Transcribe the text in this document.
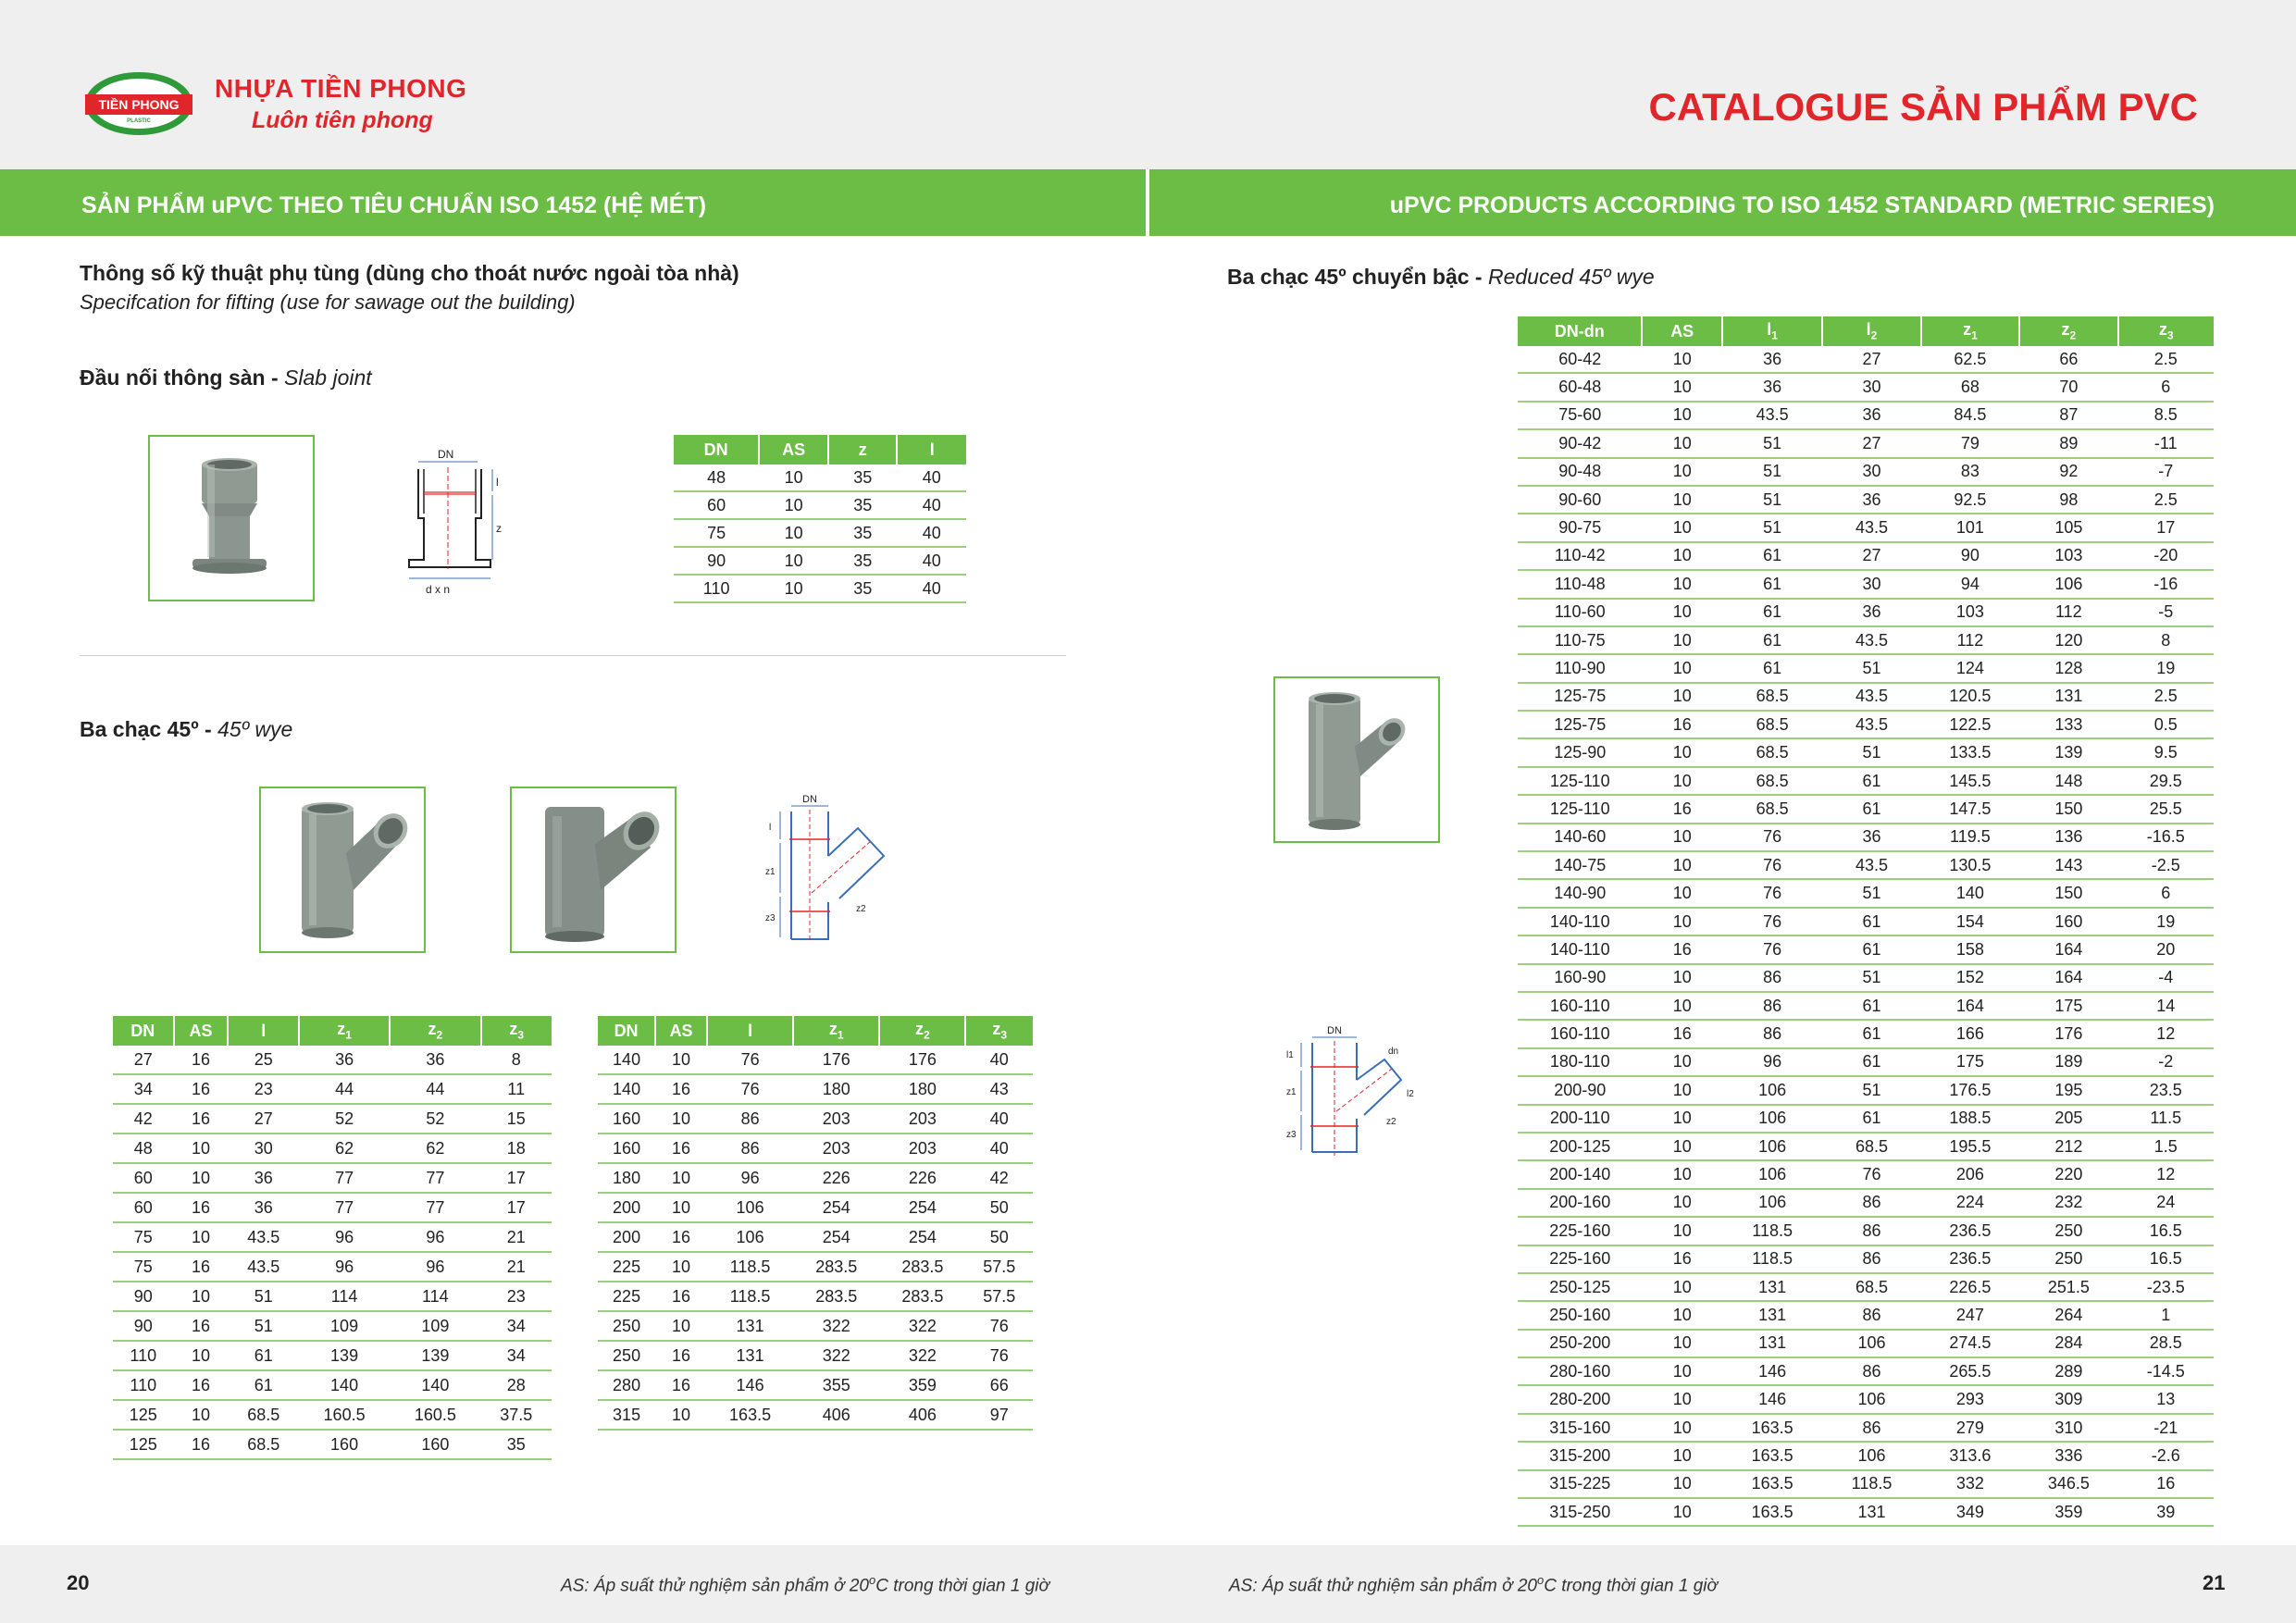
TIỀN PHONG
PLASTIC
NHỰA TIỀN PHONG
Luôn tiên phong	CATALOGUE SẢN PHẨM PVC
SẢN PHẨM uPVC THEO TIÊU CHUẨN ISO 1452 (HỆ MÉT)	uPVC PRODUCTS ACCORDING TO ISO 1452 STANDARD (METRIC SERIES)
Thông số kỹ thuật phụ tùng (dùng cho thoát nước ngoài tòa nhà)
Specifcation for fifting (use for sawage out the building)
Đầu nối thông sàn - Slab joint
DN
l
z
d x n
DN	AS	z	l
48	10	35	40
60	10	35	40
75	10	35	40
90	10	35	40
110	10	35	40
Ba chạc 45º - 45º wye
DN
l
z1
z3
z2
DN	AS	l	$z_1$	$z_2$	$z_3$
27	16	25	36	36	8
34	16	23	44	44	11
42	16	27	52	52	15
48	10	30	62	62	18
60	10	36	77	77	17
60	16	36	77	77	17
75	10	43.5	96	96	21
75	16	43.5	96	96	21
90	10	51	114	114	23
90	16	51	109	109	34
110	10	61	139	139	34
110	16	61	140	140	28
125	10	68.5	160.5	160.5	37.5
125	16	68.5	160	160	35
DN	AS	l	$z_1$	$z_2$	$z_3$
140	10	76	176	176	40
140	16	76	180	180	43
160	10	86	203	203	40
160	16	86	203	203	40
180	10	96	226	226	42
200	10	106	254	254	50
200	16	106	254	254	50
225	10	118.5	283.5	283.5	57.5
225	16	118.5	283.5	283.5	57.5
250	10	131	322	322	76
250	16	131	322	322	76
280	16	146	355	359	66
315	10	163.5	406	406	97
Ba chạc 45º chuyển bậc - Reduced 45º wye
DN
l1
z1
z3
dn
l2
z2
DN-dn	AS	$l_1$	$l_2$	$z_1$	$z_2$	$z_3$
60-42	10	36	27	62.5	66	2.5
60-48	10	36	30	68	70	6
75-60	10	43.5	36	84.5	87	8.5
90-42	10	51	27	79	89	-11
90-48	10	51	30	83	92	-7
90-60	10	51	36	92.5	98	2.5
90-75	10	51	43.5	101	105	17
110-42	10	61	27	90	103	-20
110-48	10	61	30	94	106	-16
110-60	10	61	36	103	112	-5
110-75	10	61	43.5	112	120	8
110-90	10	61	51	124	128	19
125-75	10	68.5	43.5	120.5	131	2.5
125-75	16	68.5	43.5	122.5	133	0.5
125-90	10	68.5	51	133.5	139	9.5
125-110	10	68.5	61	145.5	148	29.5
125-110	16	68.5	61	147.5	150	25.5
140-60	10	76	36	119.5	136	-16.5
140-75	10	76	43.5	130.5	143	-2.5
140-90	10	76	51	140	150	6
140-110	10	76	61	154	160	19
140-110	16	76	61	158	164	20
160-90	10	86	51	152	164	-4
160-110	10	86	61	164	175	14
160-110	16	86	61	166	176	12
180-110	10	96	61	175	189	-2
200-90	10	106	51	176.5	195	23.5
200-110	10	106	61	188.5	205	11.5
200-125	10	106	68.5	195.5	212	1.5
200-140	10	106	76	206	220	12
200-160	10	106	86	224	232	24
225-160	10	118.5	86	236.5	250	16.5
225-160	16	118.5	86	236.5	250	16.5
250-125	10	131	68.5	226.5	251.5	-23.5
250-160	10	131	86	247	264	1
250-200	10	131	106	274.5	284	28.5
280-160	10	146	86	265.5	289	-14.5
280-200	10	146	106	293	309	13
315-160	10	163.5	86	279	310	-21
315-200	10	163.5	106	313.6	336	-2.6
315-225	10	163.5	118.5	332	346.5	16
315-250	10	163.5	131	349	359	39
20	AS: Áp suất thử nghiệm sản phẩm ở 20$^o$C trong thời gian 1 giờ	AS: Áp suất thử nghiệm sản phẩm ở 20$^o$C trong thời gian 1 giờ	21
